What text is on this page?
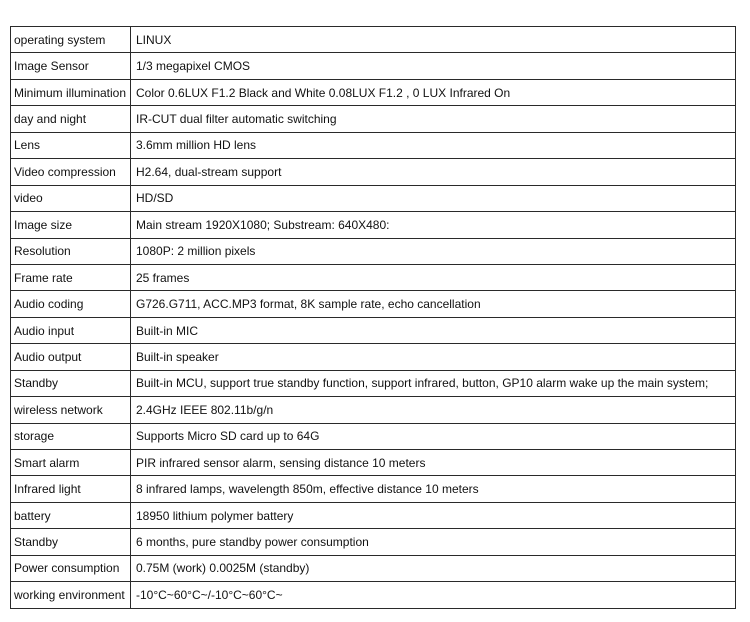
operating system	LINUX
Image Sensor	1/3 megapixel CMOS
Minimum illumination	Color 0.6LUX F1.2 Black and White 0.08LUX F1.2 , 0 LUX Infrared On
day and night	IR-CUT dual filter automatic switching
Lens	3.6mm million HD lens
Video compression	H2.64, dual-stream support
video	HD/SD
Image size	Main stream 1920X1080; Substream: 640X480:
Resolution	1080P: 2 million pixels
Frame rate	25 frames
Audio coding	G726.G711, ACC.MP3 format, 8K sample rate, echo cancellation
Audio input	Built-in MIC
Audio output	Built-in speaker
Standby	Built-in MCU, support true standby function, support infrared, button, GP10 alarm wake up the main system;
wireless network	2.4GHz IEEE 802.11b/g/n
storage	Supports Micro SD card up to 64G
Smart alarm	PIR infrared sensor alarm, sensing distance 10 meters
Infrared light	8 infrared lamps, wavelength 850m, effective distance 10 meters
battery	18950 lithium polymer battery
Standby	6 months, pure standby power consumption
Power consumption	0.75M (work) 0.0025M (standby)
working environment	-10°C~60°C~/-10°C~60°C~
